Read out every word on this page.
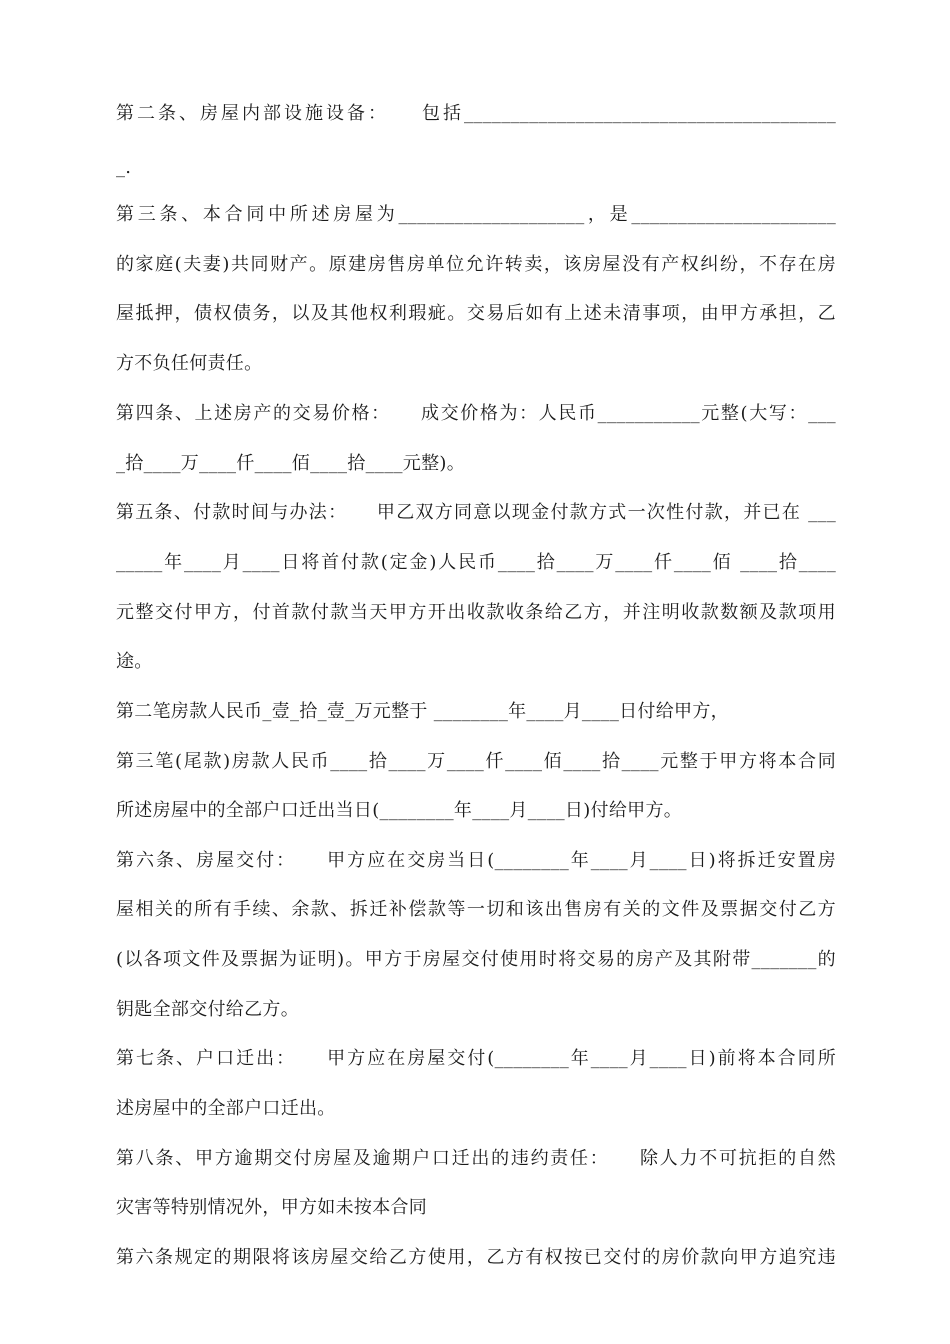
第二条、房屋内部设施设备：　　包括________________________________________
_.
第三条、本合同中所述房屋为____________________，是______________________
的家庭(夫妻)共同财产。原建房售房单位允许转卖，该房屋没有产权纠纷，不存在房
屋抵押，债权债务，以及其他权利瑕疵。交易后如有上述未清事项，由甲方承担，乙
方不负任何责任。
第四条、上述房产的交易价格：　　成交价格为：人民币___________元整(大写：___
_拾____万____仟____佰____拾____元整)。
第五条、付款时间与办法：　　甲乙双方同意以现金付款方式一次性付款，并已在 ___
_____年____月____日将首付款(定金)人民币____拾____万____仟____佰 ____拾____
元整交付甲方，付首款付款当天甲方开出收款收条给乙方，并注明收款数额及款项用
途。
第二笔房款人民币_壹_拾_壹_万元整于 ________年____月____日付给甲方，
第三笔(尾款)房款人民币____拾____万____仟____佰____拾____元整于甲方将本合同
所述房屋中的全部户口迁出当日(________年____月____日)付给甲方。
第六条、房屋交付：　　甲方应在交房当日(________年____月____日)将拆迁安置房
屋相关的所有手续、余款、拆迁补偿款等一切和该出售房有关的文件及票据交付乙方
(以各项文件及票据为证明)。甲方于房屋交付使用时将交易的房产及其附带_______的
钥匙全部交付给乙方。
第七条、户口迁出：　　甲方应在房屋交付(________年____月____日)前将本合同所
述房屋中的全部户口迁出。
第八条、甲方逾期交付房屋及逾期户口迁出的违约责任：　　除人力不可抗拒的自然
灾害等特别情况外，甲方如未按本合同
第六条规定的期限将该房屋交给乙方使用，乙方有权按已交付的房价款向甲方追究违
